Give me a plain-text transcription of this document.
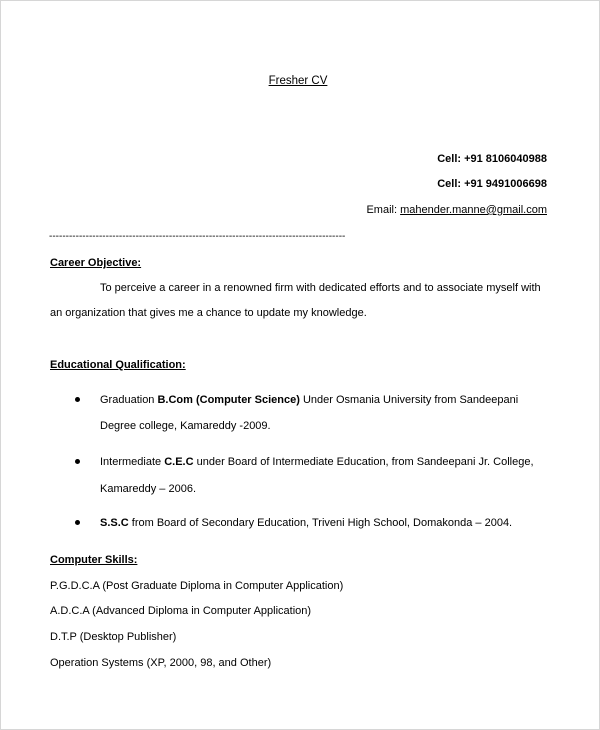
Fresher CV
Cell: +91 8106040988
Cell: +91 9491006698
Email: mahender.manne@gmail.com
-----------------------------------------------------------------------------------------
Career Objective:
To perceive a career in a renowned firm with dedicated efforts and to associate myself with
an organization that gives me a chance to update my knowledge.
Educational Qualification:
Graduation B.Com (Computer Science) Under Osmania University from Sandeepani
Degree college, Kamareddy -2009.
Intermediate C.E.C under Board of Intermediate Education, from Sandeepani Jr. College,
Kamareddy – 2006.
S.S.C from Board of Secondary Education, Triveni High School, Domakonda – 2004.
Computer Skills:
P.G.D.C.A (Post Graduate Diploma in Computer Application)
A.D.C.A (Advanced Diploma in Computer Application)
D.T.P (Desktop Publisher)
Operation Systems (XP, 2000, 98, and Other)
